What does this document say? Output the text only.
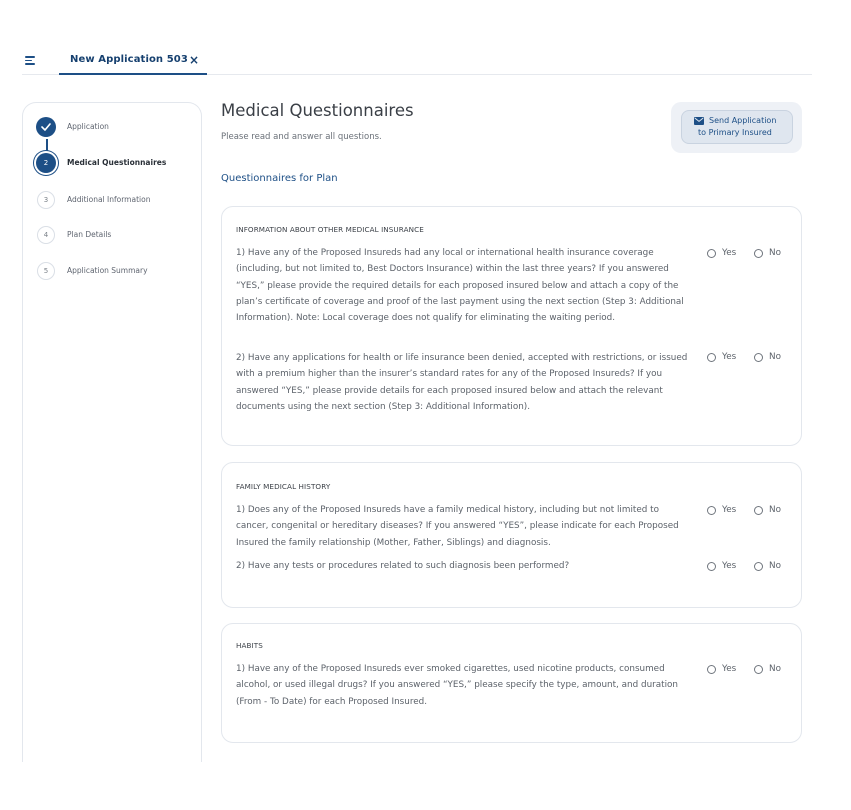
New Application 503 ×
Application
2	Medical Questionnaires
3	Additional Information
4	Plan Details
5	Application Summary
Medical Questionnaires

Please read and answer all questions.

Send Application
to Primary Insured
Questionnaires for Plan
INFORMATION ABOUT OTHER MEDICAL INSURANCE

1) Have any of the Proposed Insureds had any local or international health insurance coverage (including, but not limited to, Best Doctors Insurance) within the last three years? If you answered “YES,” please provide the required details for each proposed insured below and attach a copy of the plan’s certificate of coverage and proof of the last payment using the next section (Step 3: Additional Information). Note: Local coverage does not qualify for eliminating the waiting period.

Yes	No

2) Have any applications for health or life insurance been denied, accepted with restrictions, or issued with a premium higher than the insurer’s standard rates for any of the Proposed Insureds? If you answered “YES,” please provide details for each proposed insured below and attach the relevant documents using the next section (Step 3: Additional Information).

Yes	No
FAMILY MEDICAL HISTORY

1) Does any of the Proposed Insureds have a family medical history, including but not limited to cancer, congenital or hereditary diseases? If you answered “YES”, please indicate for each Proposed Insured the family relationship (Mother, Father, Siblings) and diagnosis.

Yes	No

2) Have any tests or procedures related to such diagnosis been performed?	Yes	No
HABITS

1) Have any of the Proposed Insureds ever smoked cigarettes, used nicotine products, consumed alcohol, or used illegal drugs? If you answered “YES,” please specify the type, amount, and duration (From - To Date) for each Proposed Insured.

Yes	No
